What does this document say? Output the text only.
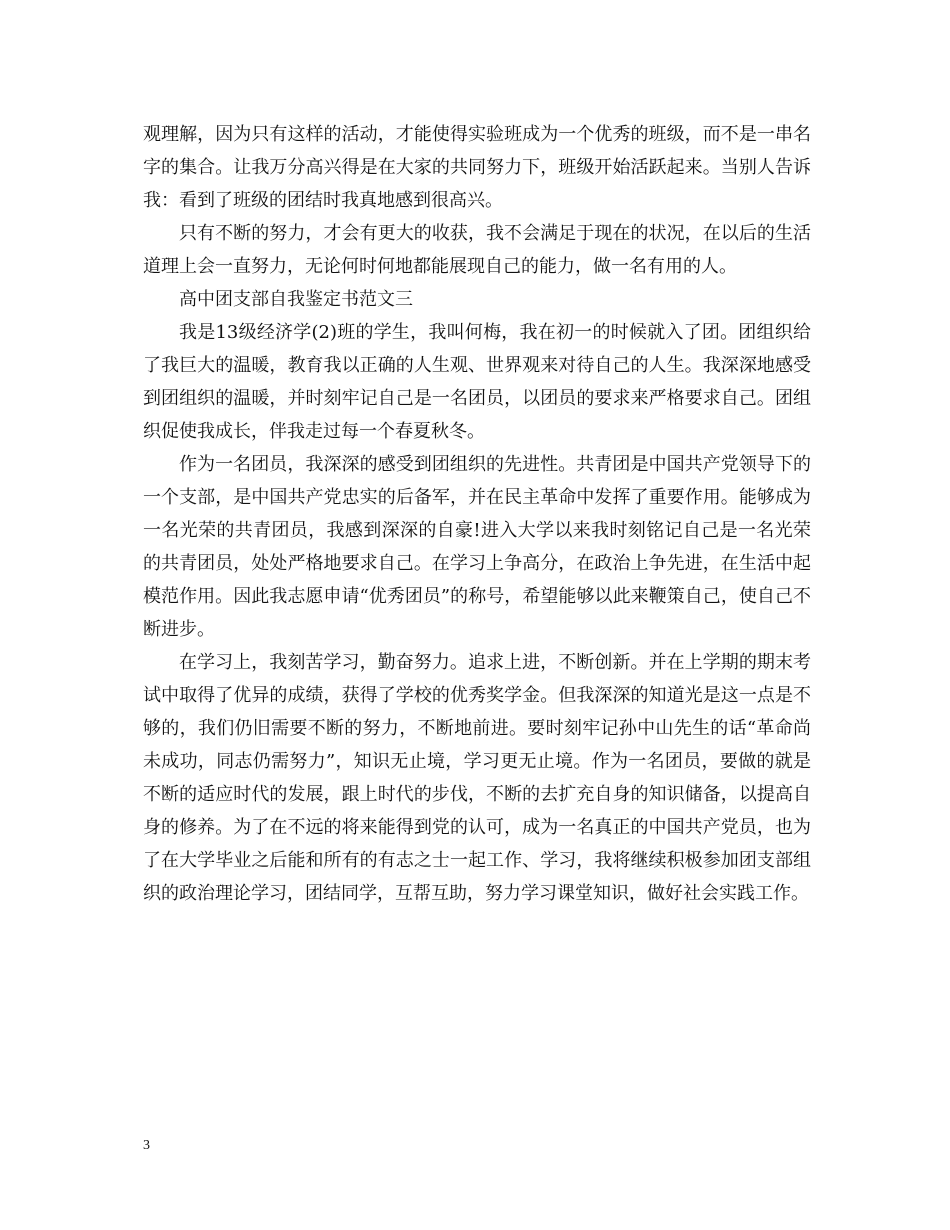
观理解，因为只有这样的活动，才能使得实验班成为一个优秀的班级，而不是一串名字的集合。让我万分高兴得是在大家的共同努力下，班级开始活跃起来。当别人告诉我：看到了班级的团结时我真地感到很高兴。

只有不断的努力，才会有更大的收获，我不会满足于现在的状况，在以后的生活道理上会一直努力，无论何时何地都能展现自己的能力，做一名有用的人。

高中团支部自我鉴定书范文三

我是13级经济学(2)班的学生，我叫何梅，我在初一的时候就入了团。团组织给了我巨大的温暖，教育我以正确的人生观、世界观来对待自己的人生。我深深地感受到团组织的温暖，并时刻牢记自己是一名团员，以团员的要求来严格要求自己。团组织促使我成长，伴我走过每一个春夏秋冬。

作为一名团员，我深深的感受到团组织的先进性。共青团是中国共产党领导下的一个支部，是中国共产党忠实的后备军，并在民主革命中发挥了重要作用。能够成为一名光荣的共青团员，我感到深深的自豪!进入大学以来我时刻铭记自己是一名光荣的共青团员，处处严格地要求自己。在学习上争高分，在政治上争先进，在生活中起模范作用。因此我志愿申请“优秀团员”的称号，希望能够以此来鞭策自己，使自己不断进步。

在学习上，我刻苦学习，勤奋努力。追求上进，不断创新。并在上学期的期末考试中取得了优异的成绩，获得了学校的优秀奖学金。但我深深的知道光是这一点是不够的，我们仍旧需要不断的努力，不断地前进。要时刻牢记孙中山先生的话“革命尚未成功，同志仍需努力”，知识无止境，学习更无止境。作为一名团员，要做的就是不断的适应时代的发展，跟上时代的步伐，不断的去扩充自身的知识储备，以提高自身的修养。为了在不远的将来能得到党的认可，成为一名真正的中国共产党员，也为了在大学毕业之后能和所有的有志之士一起工作、学习，我将继续积极参加团支部组织的政治理论学习，团结同学，互帮互助，努力学习课堂知识，做好社会实践工作。

3
